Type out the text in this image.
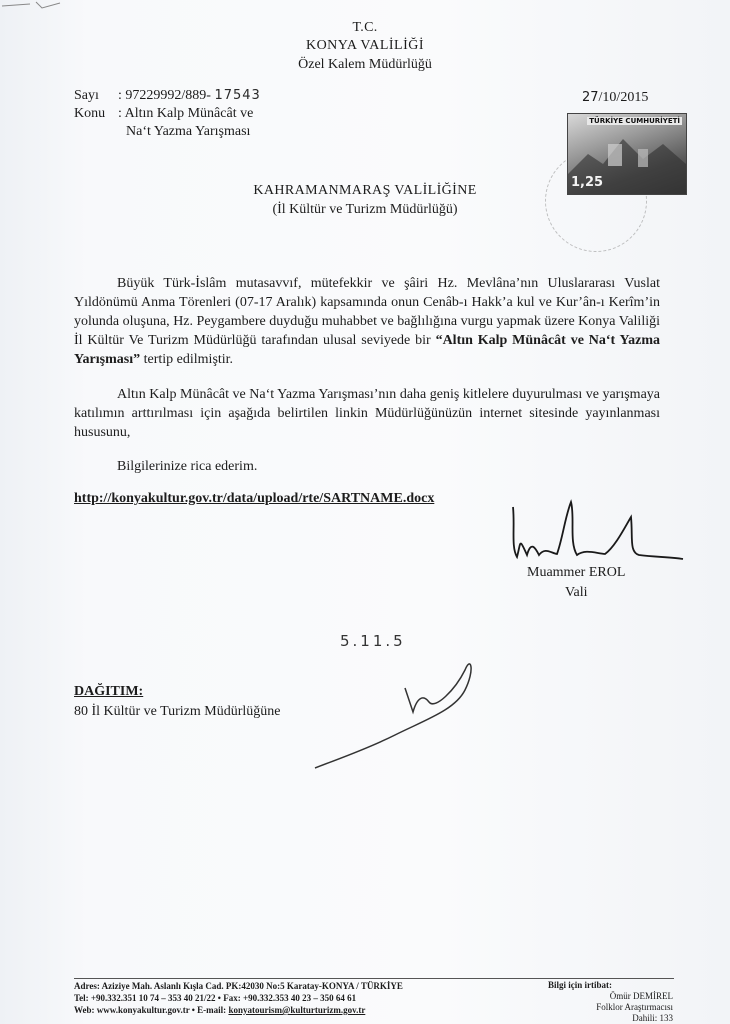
T.C.
KONYA VALİLİĞİ
Özel Kalem Müdürlüğü
Sayı : 97229992/889- 17543
Konu : Altın Kalp Münâcât ve
Na‘t Yazma Yarışması
27/10/2015
TÜRKİYE CUMHURİYETİ
1,25
KAHRAMANMARAŞ VALİLİĞİNE
(İl Kültür ve Turizm Müdürlüğü)
Büyük Türk-İslâm mutasavvıf, mütefekkir ve şâiri Hz. Mevlâna’nın Uluslararası Vuslat Yıldönümü Anma Törenleri (07-17 Aralık) kapsamında onun Cenâb-ı Hakk’a kul ve Kur’ân-ı Kerîm’in yolunda oluşuna, Hz. Peygambere duyduğu muhabbet ve bağlılığına vurgu yapmak üzere Konya Valiliği İl Kültür Ve Turizm Müdürlüğü tarafından ulusal seviyede bir “Altın Kalp Münâcât ve Na‘t Yazma Yarışması” tertip edilmiştir.
Altın Kalp Münâcât ve Na‘t Yazma Yarışması’nın daha geniş kitlelere duyurulması ve yarışmaya katılımın arttırılması için aşağıda belirtilen linkin Müdürlüğünüzün internet sitesinde yayınlanması hususunu,
Bilgilerinize rica ederim.
http://konyakultur.gov.tr/data/upload/rte/SARTNAME.docx
Muammer EROL
Vali
5.11.5
DAĞITIM:
80 İl Kültür ve Turizm Müdürlüğüne
Adres: Aziziye Mah. Aslanlı Kışla Cad. PK:42030 No:5 Karatay-KONYA / TÜRKİYE
Tel: +90.332.351 10 74 – 353 40 21/22 • Fax: +90.332.353 40 23 – 350 64 61
Web: www.konyakultur.gov.tr • E-mail: konyatourism@kulturturizm.gov.tr
Bilgi için irtibat:
Ömür DEMİREL
Folklor Araştırmacısı
Dahili: 133
